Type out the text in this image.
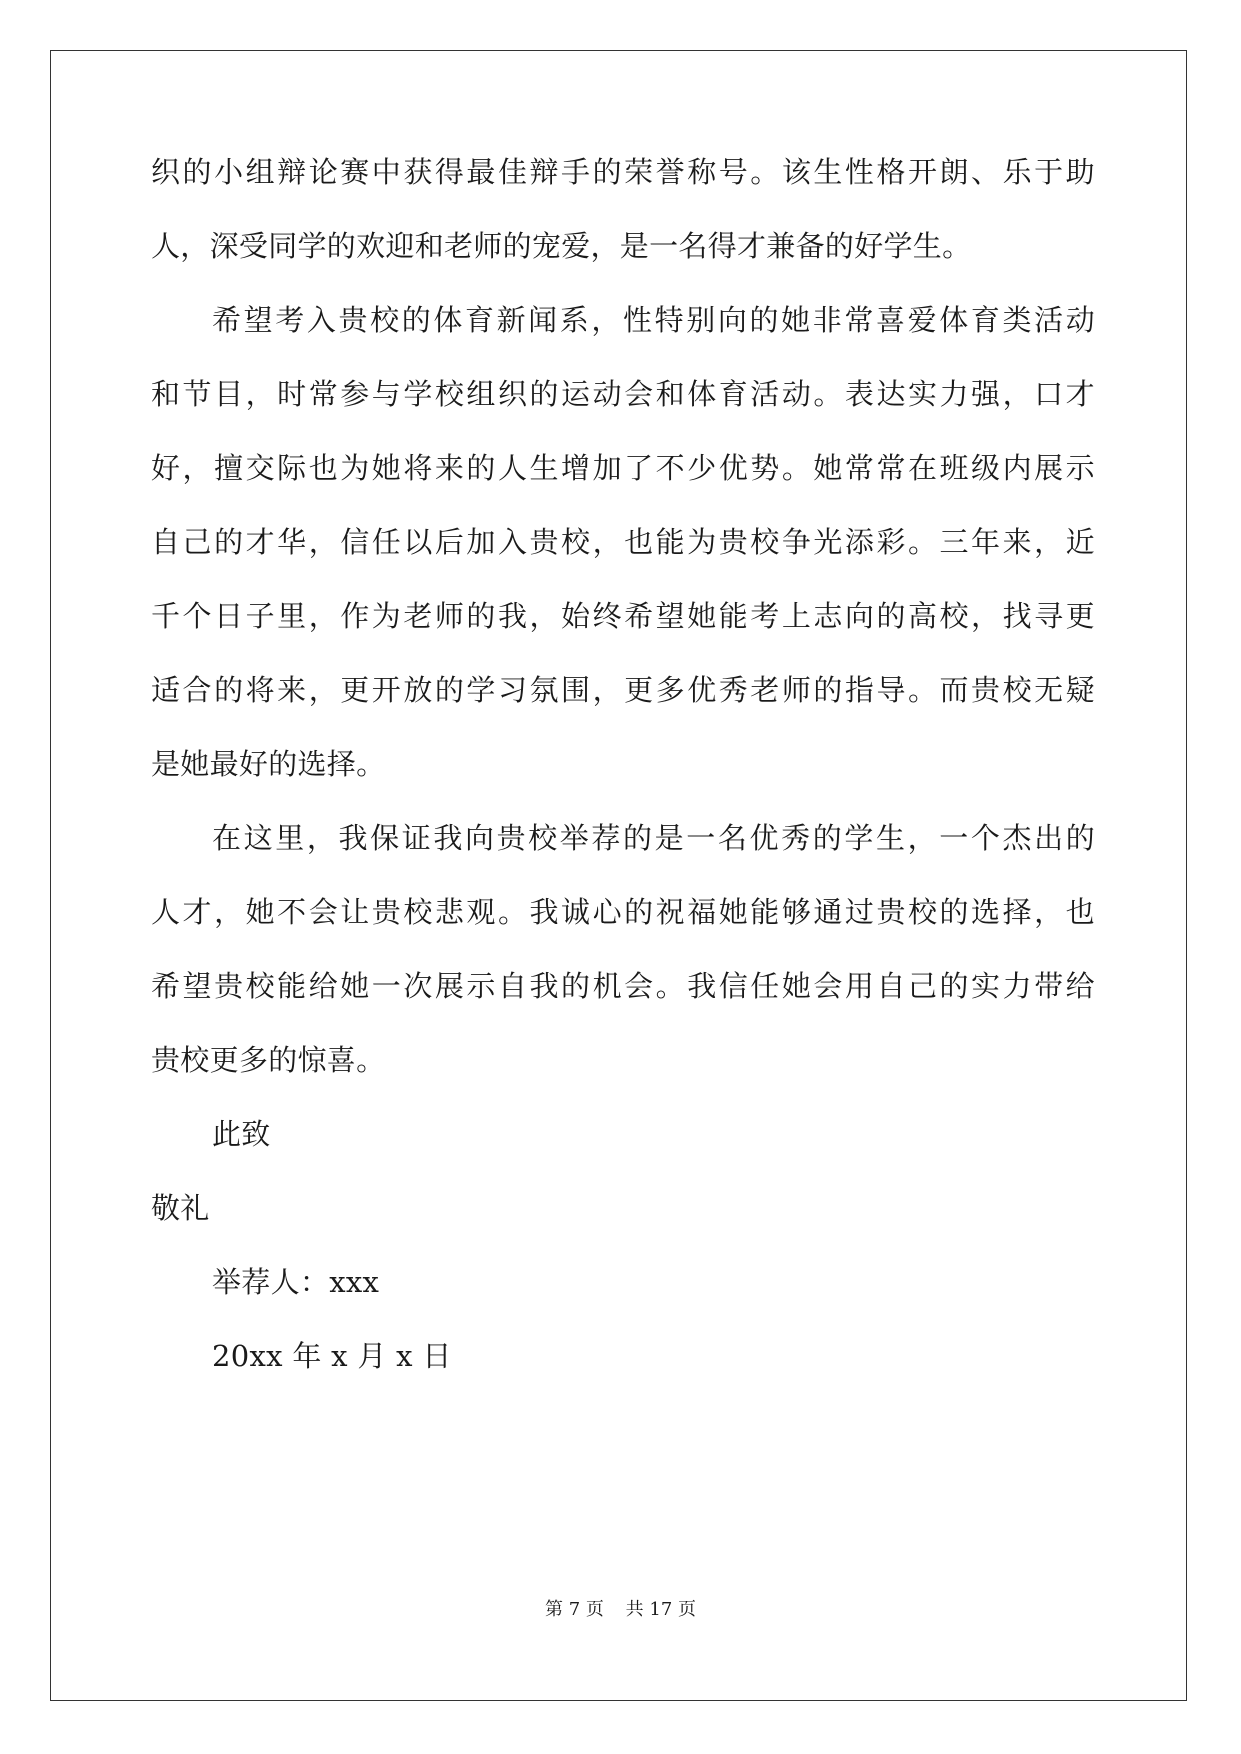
织的小组辩论赛中获得最佳辩手的荣誉称号。该生性格开朗、乐于助
人，深受同学的欢迎和老师的宠爱，是一名得才兼备的好学生。
希望考入贵校的体育新闻系，性特别向的她非常喜爱体育类活动
和节目，时常参与学校组织的运动会和体育活动。表达实力强，口才
好，擅交际也为她将来的人生增加了不少优势。她常常在班级内展示
自己的才华，信任以后加入贵校，也能为贵校争光添彩。三年来，近
千个日子里，作为老师的我，始终希望她能考上志向的高校，找寻更
适合的将来，更开放的学习氛围，更多优秀老师的指导。而贵校无疑
是她最好的选择。
在这里，我保证我向贵校举荐的是一名优秀的学生，一个杰出的
人才，她不会让贵校悲观。我诚心的祝福她能够通过贵校的选择，也
希望贵校能给她一次展示自我的机会。我信任她会用自己的实力带给
贵校更多的惊喜。
此致
敬礼
举荐人：xxx
20xx 年 x 月 x 日
第 7 页 共 17 页
